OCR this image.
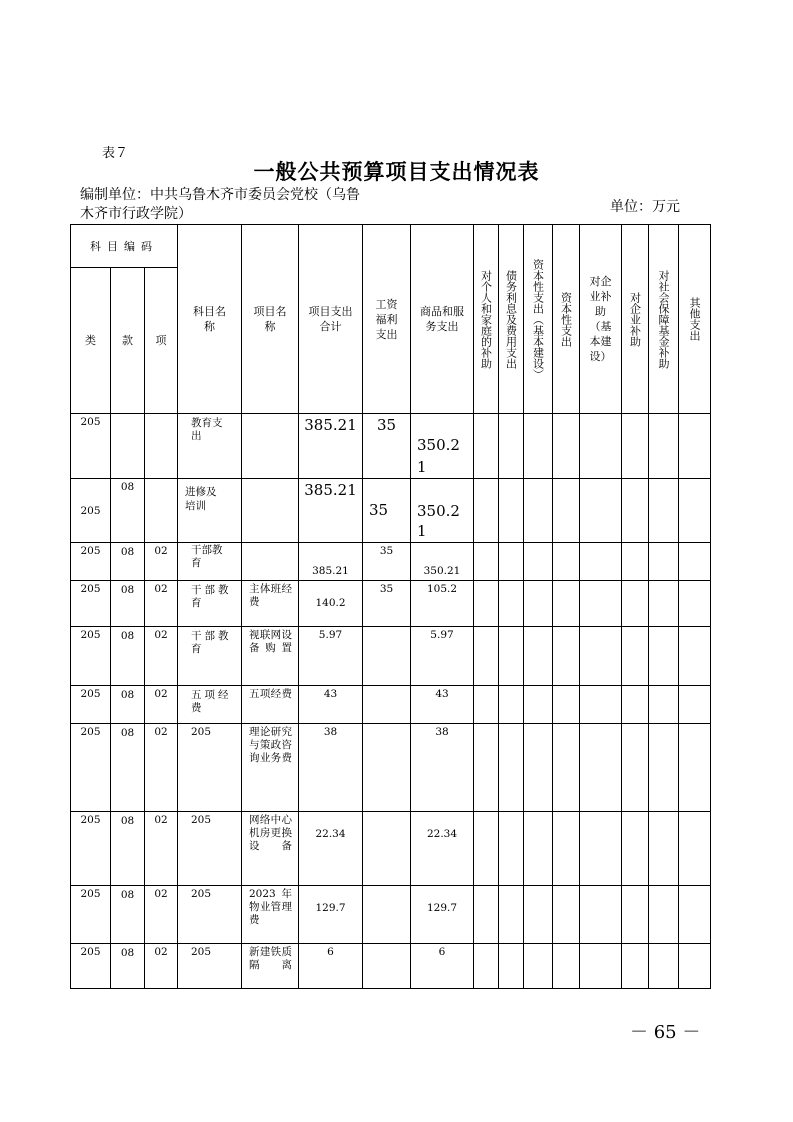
表７
一般公共预算项目支出情况表
编制单位：中共乌鲁木齐市委员会党校（乌鲁木齐市行政学院）	单位：万元
科目编码			科目名称	项目名称	项目支出合计	工资福利支出	商品和服务支出	对个人和家庭的补助	债务利息及费用支出	资本性支出（基本建设）	资本性支出	对企业补助（基本建设）	对企业补助	对社会保障基金补助	其他支出

类	款	项													
205			教育支出		385.21	35	350.21								

205	08		进修及培训		385.21	35	350.21								

205	08	02	干部教育		385.21	35	350.21								
205	08	02	干部教育	主体班经费	140.2	35	105.2								
205	08	02	干部教育	视联网设备购置	5.97		5.97								
205	08	02	五项经费	五项经费	43		43								
205	08	02	205	理论研究与策政咨询业务费	38		38								
205	08	02	205	网络中心机房更换设备	22.34		22.34								
205	08	02	205	2023年物业管理费	129.7		129.7								
205	08	02	205	新建铁质隔离	6		6								
－ 65 －
